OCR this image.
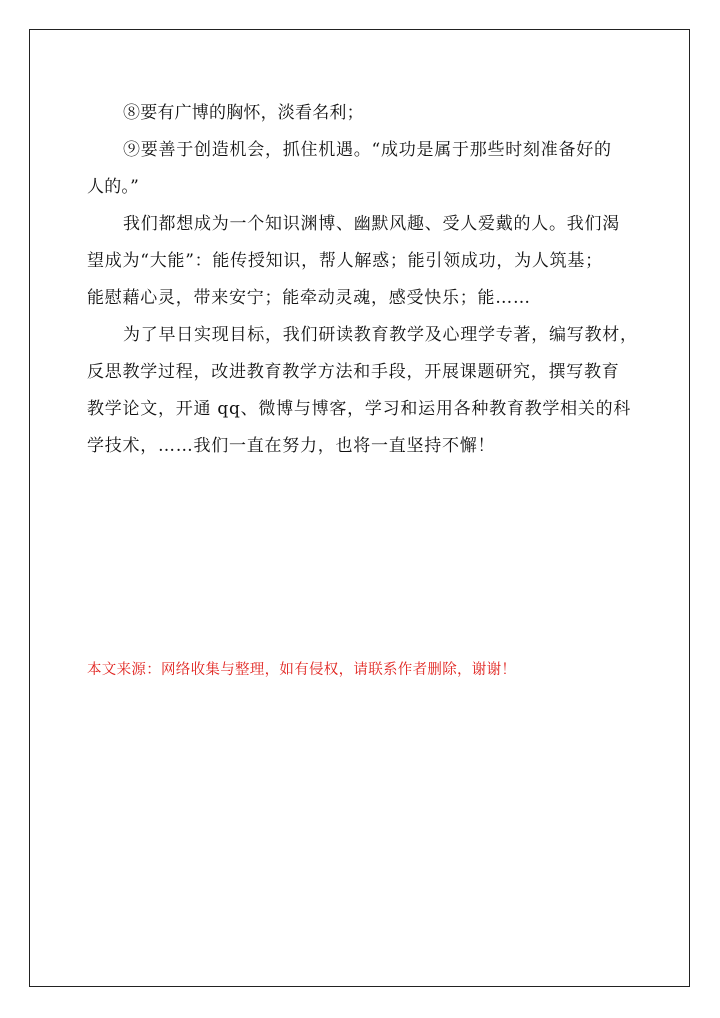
⑧要有广博的胸怀，淡看名利；
⑨要善于创造机会，抓住机遇。“成功是属于那些时刻准备好的
人的。”
我们都想成为一个知识渊博、幽默风趣、受人爱戴的人。我们渴
望成为“大能”：能传授知识，帮人解惑；能引领成功，为人筑基；
能慰藉心灵，带来安宁；能牵动灵魂，感受快乐；能……
为了早日实现目标，我们研读教育教学及心理学专著，编写教材，
反思教学过程，改进教育教学方法和手段，开展课题研究，撰写教育
教学论文，开通 qq、微博与博客，学习和运用各种教育教学相关的科
学技术，……我们一直在努力，也将一直坚持不懈！
本文来源：网络收集与整理，如有侵权，请联系作者删除，谢谢！
